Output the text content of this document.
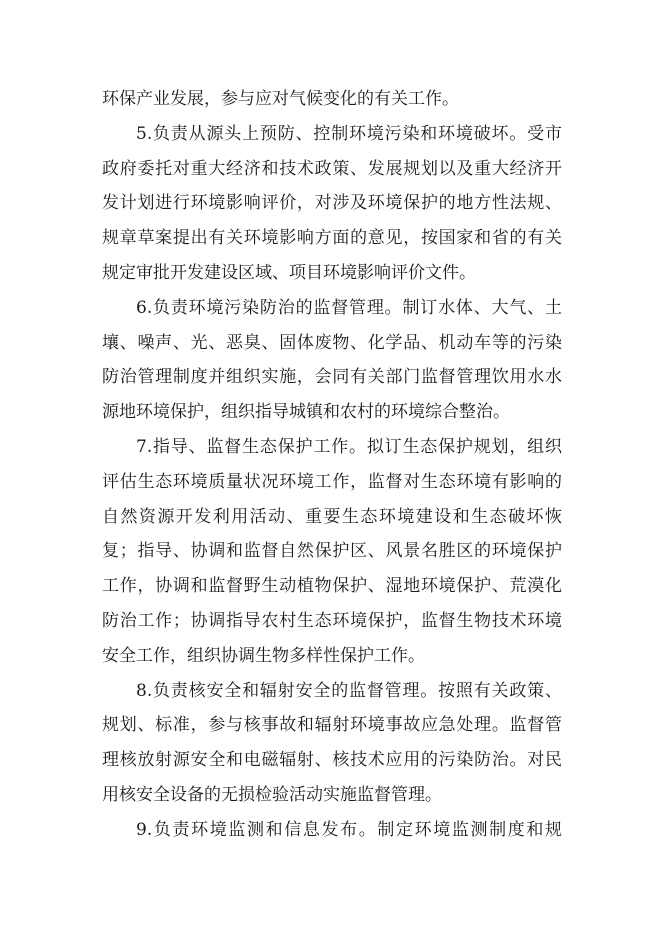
环保产业发展，参与应对气候变化的有关工作。
5.负责从源头上预防、控制环境污染和环境破坏。受市
政府委托对重大经济和技术政策、发展规划以及重大经济开
发计划进行环境影响评价，对涉及环境保护的地方性法规、
规章草案提出有关环境影响方面的意见，按国家和省的有关
规定审批开发建设区域、项目环境影响评价文件。
6.负责环境污染防治的监督管理。制订水体、大气、土
壤、噪声、光、恶臭、固体废物、化学品、机动车等的污染
防治管理制度并组织实施，会同有关部门监督管理饮用水水
源地环境保护，组织指导城镇和农村的环境综合整治。
7.指导、监督生态保护工作。拟订生态保护规划，组织
评估生态环境质量状况环境工作，监督对生态环境有影响的
自然资源开发利用活动、重要生态环境建设和生态破坏恢
复；指导、协调和监督自然保护区、风景名胜区的环境保护
工作，协调和监督野生动植物保护、湿地环境保护、荒漠化
防治工作；协调指导农村生态环境保护，监督生物技术环境
安全工作，组织协调生物多样性保护工作。
8.负责核安全和辐射安全的监督管理。按照有关政策、
规划、标准，参与核事故和辐射环境事故应急处理。监督管
理核放射源安全和电磁辐射、核技术应用的污染防治。对民
用核安全设备的无损检验活动实施监督管理。
9.负责环境监测和信息发布。制定环境监测制度和规
